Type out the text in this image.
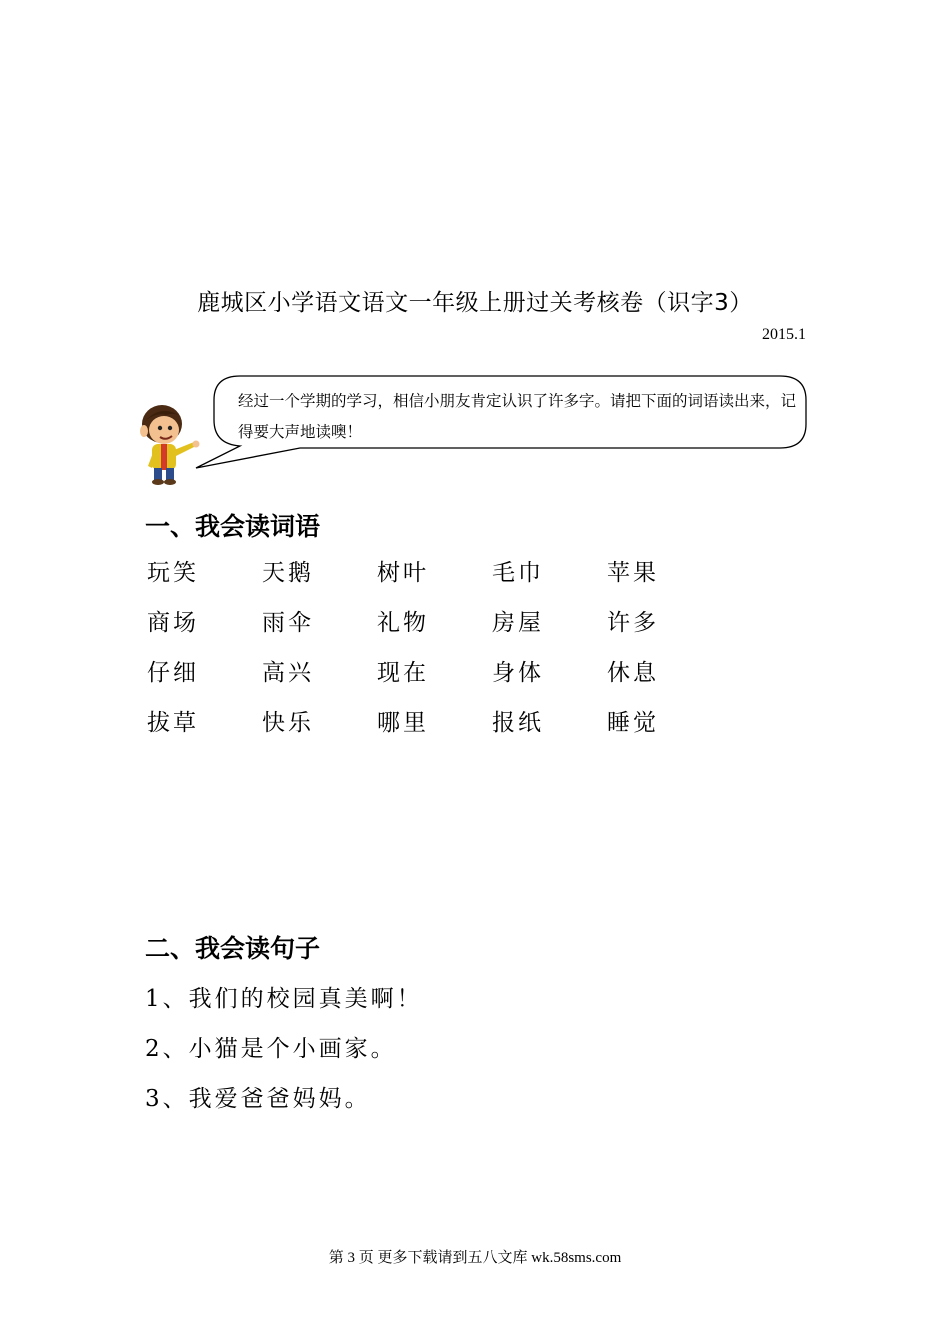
鹿城区小学语文语文一年级上册过关考核卷（识字3）
2015.1
经过一个学期的学习，相信小朋友肯定认识了许多字。请把下面的词语读出来，记得要大声地读噢！
一、我会读词语
玩笑	天鹅	树叶	毛巾	苹果
商场	雨伞	礼物	房屋	许多
仔细	高兴	现在	身体	休息
拔草	快乐	哪里	报纸	睡觉
二、我会读句子
1、我们的校园真美啊！
2、小猫是个小画家。
3、我爱爸爸妈妈。
第 3 页 更多下载请到五八文库 wk.58sms.com
